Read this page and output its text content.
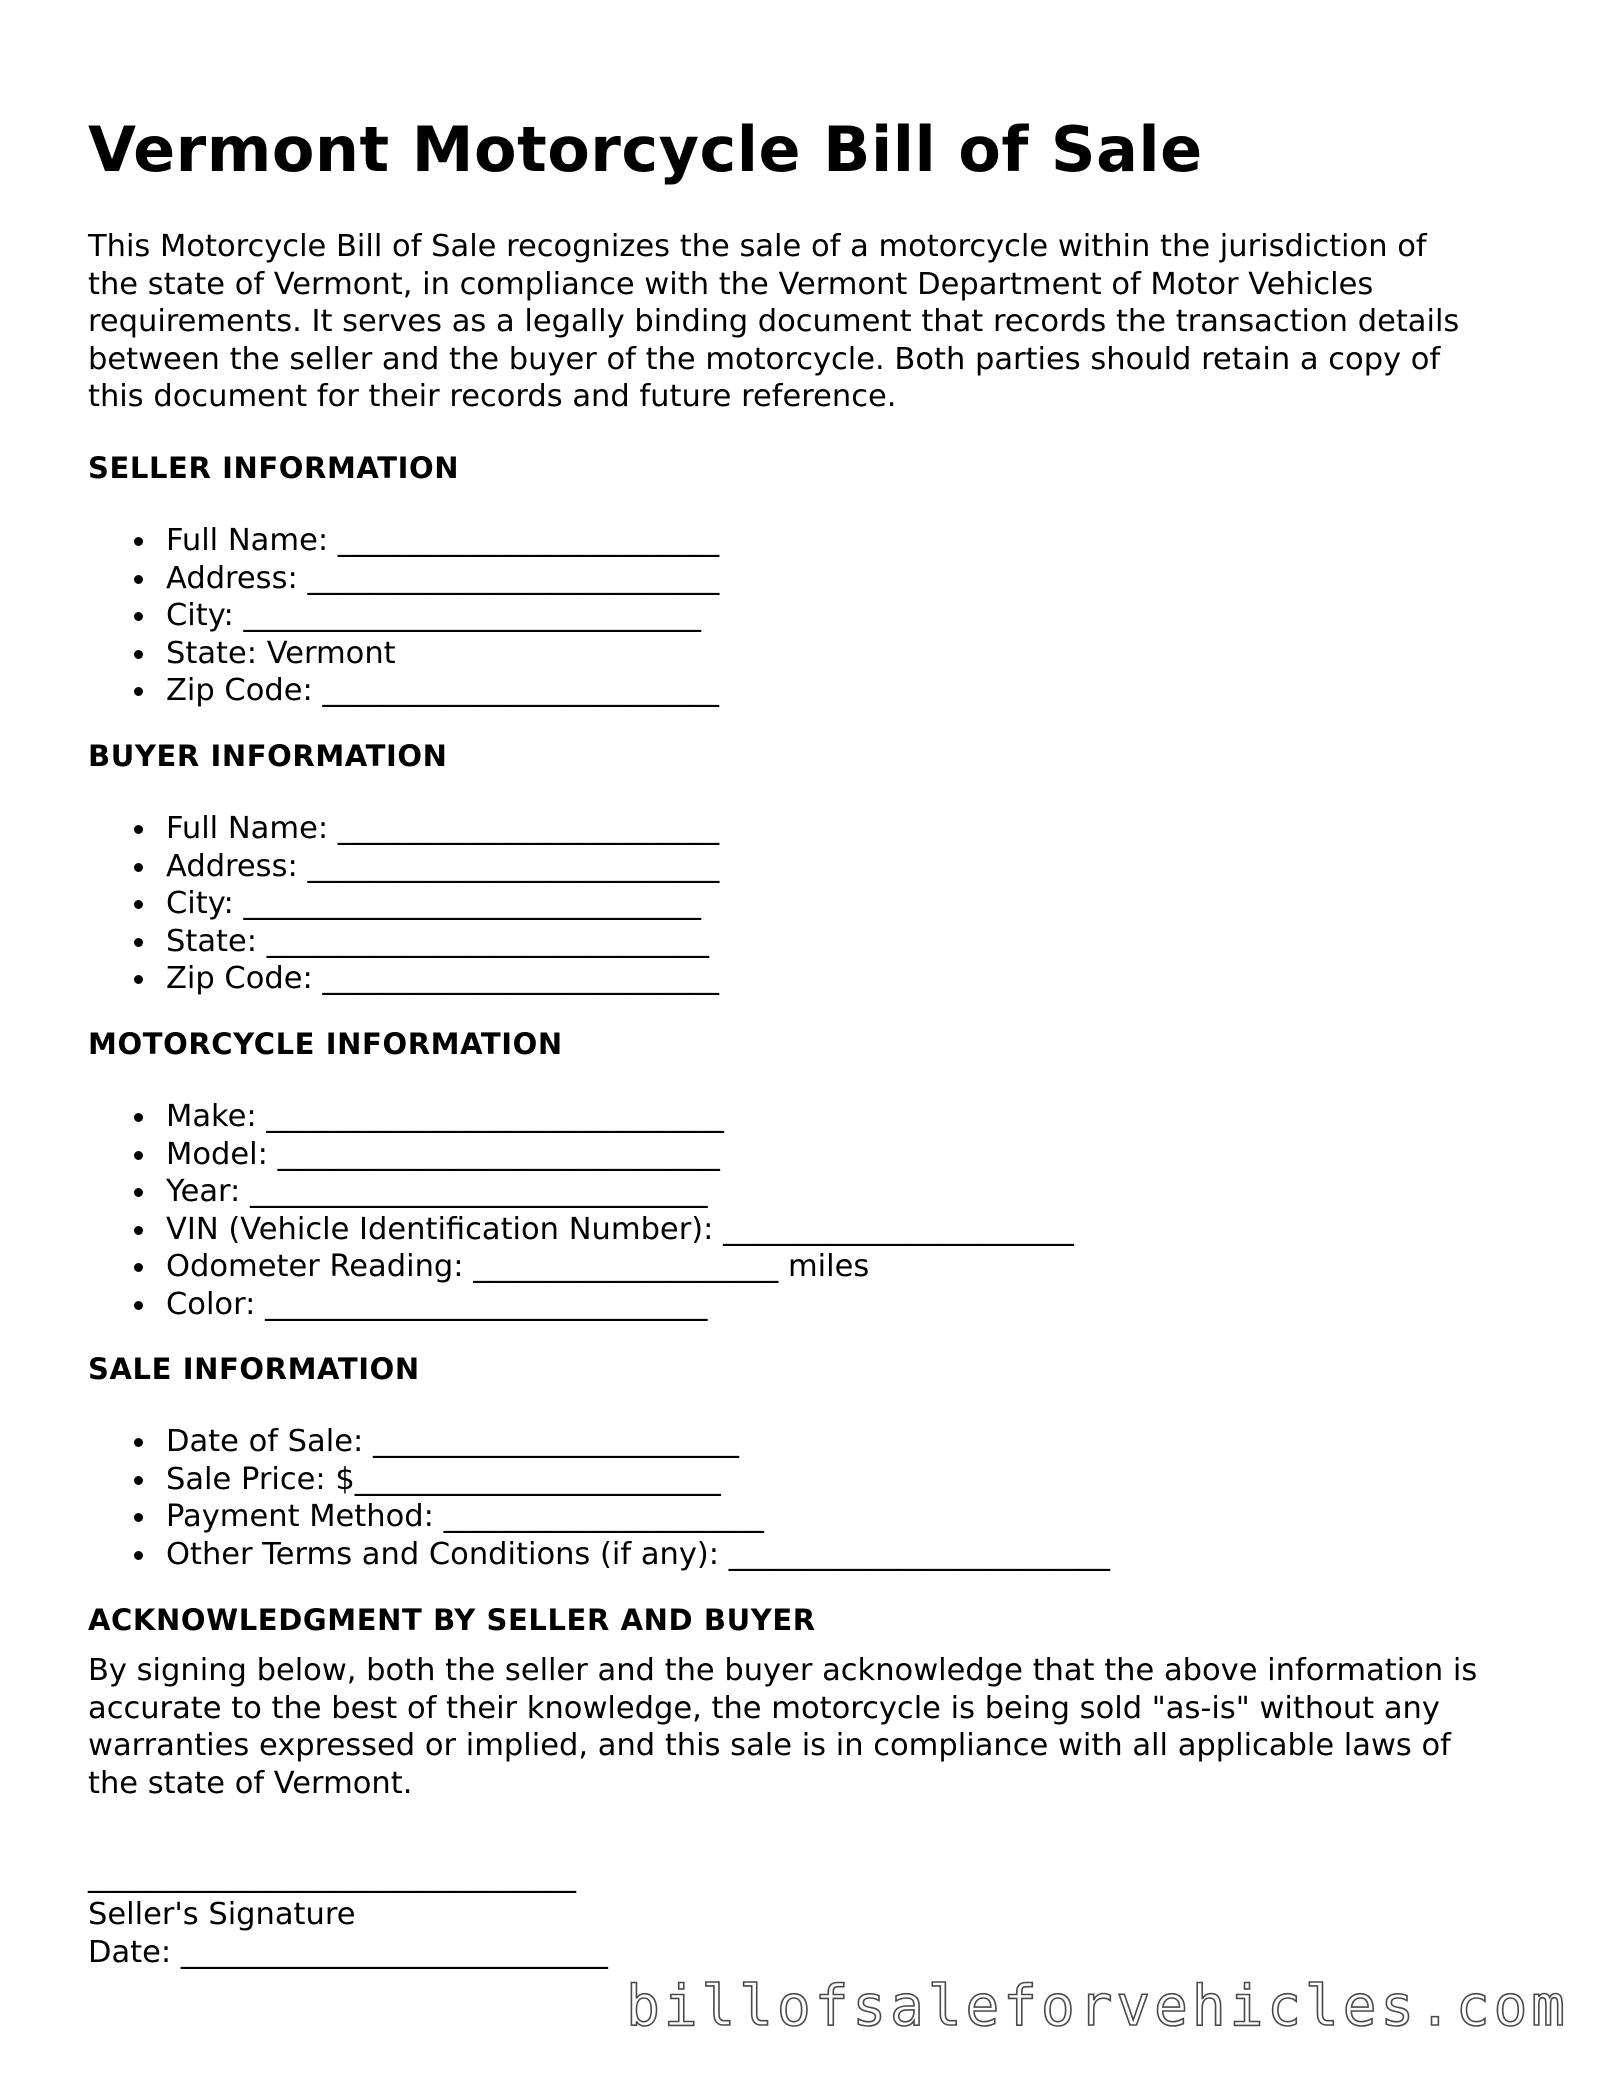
Vermont Motorcycle Bill of Sale
This Motorcycle Bill of Sale recognizes the sale of a motorcycle within the jurisdiction of
the state of Vermont, in compliance with the Vermont Department of Motor Vehicles
requirements. It serves as a legally binding document that records the transaction details
between the seller and the buyer of the motorcycle. Both parties should retain a copy of
this document for their records and future reference.
SELLER INFORMATION
Full Name: _________________________
Address: ___________________________
City: ______________________________
State: Vermont
Zip Code: __________________________
BUYER INFORMATION
Full Name: _________________________
Address: ___________________________
City: ______________________________
State: _____________________________
Zip Code: __________________________
MOTORCYCLE INFORMATION
Make: ______________________________
Model: _____________________________
Year: ______________________________
VIN (Vehicle Identification Number): _______________________
Odometer Reading: ____________________ miles
Color: _____________________________
SALE INFORMATION
Date of Sale: ________________________
Sale Price: $________________________
Payment Method: _____________________
Other Terms and Conditions (if any): _________________________
ACKNOWLEDGMENT BY SELLER AND BUYER
By signing below, both the seller and the buyer acknowledge that the above information is
accurate to the best of their knowledge, the motorcycle is being sold "as-is" without any
warranties expressed or implied, and this sale is in compliance with all applicable laws of
the state of Vermont.
________________________________
Seller's Signature
Date: ____________________________
billofsaleforvehicles.com
